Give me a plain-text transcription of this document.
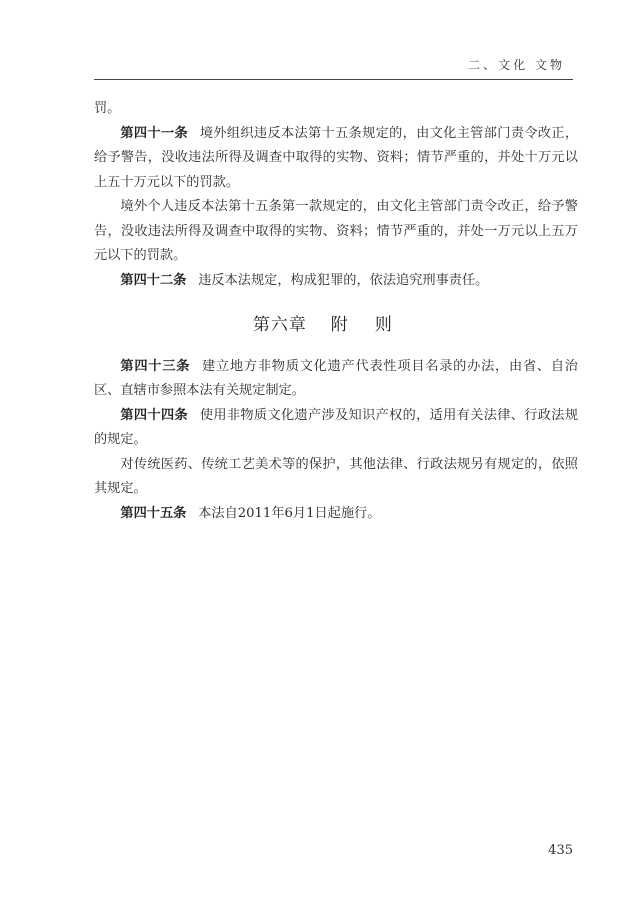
二、文化 文物

罚。

第四十一条 境外组织违反本法第十五条规定的，由文化主管部门责令改正，给予警告，没收违法所得及调查中取得的实物、资料；情节严重的，并处十万元以上五十万元以下的罚款。

境外个人违反本法第十五条第一款规定的，由文化主管部门责令改正，给予警告，没收违法所得及调查中取得的实物、资料；情节严重的，并处一万元以上五万元以下的罚款。

第四十二条 违反本法规定，构成犯罪的，依法追究刑事责任。

第六章 附则

第四十三条 建立地方非物质文化遗产代表性项目名录的办法，由省、自治区、直辖市参照本法有关规定制定。

第四十四条 使用非物质文化遗产涉及知识产权的，适用有关法律、行政法规的规定。

对传统医药、传统工艺美术等的保护，其他法律、行政法规另有规定的，依照其规定。

第四十五条 本法自2011年6月1日起施行。

435
